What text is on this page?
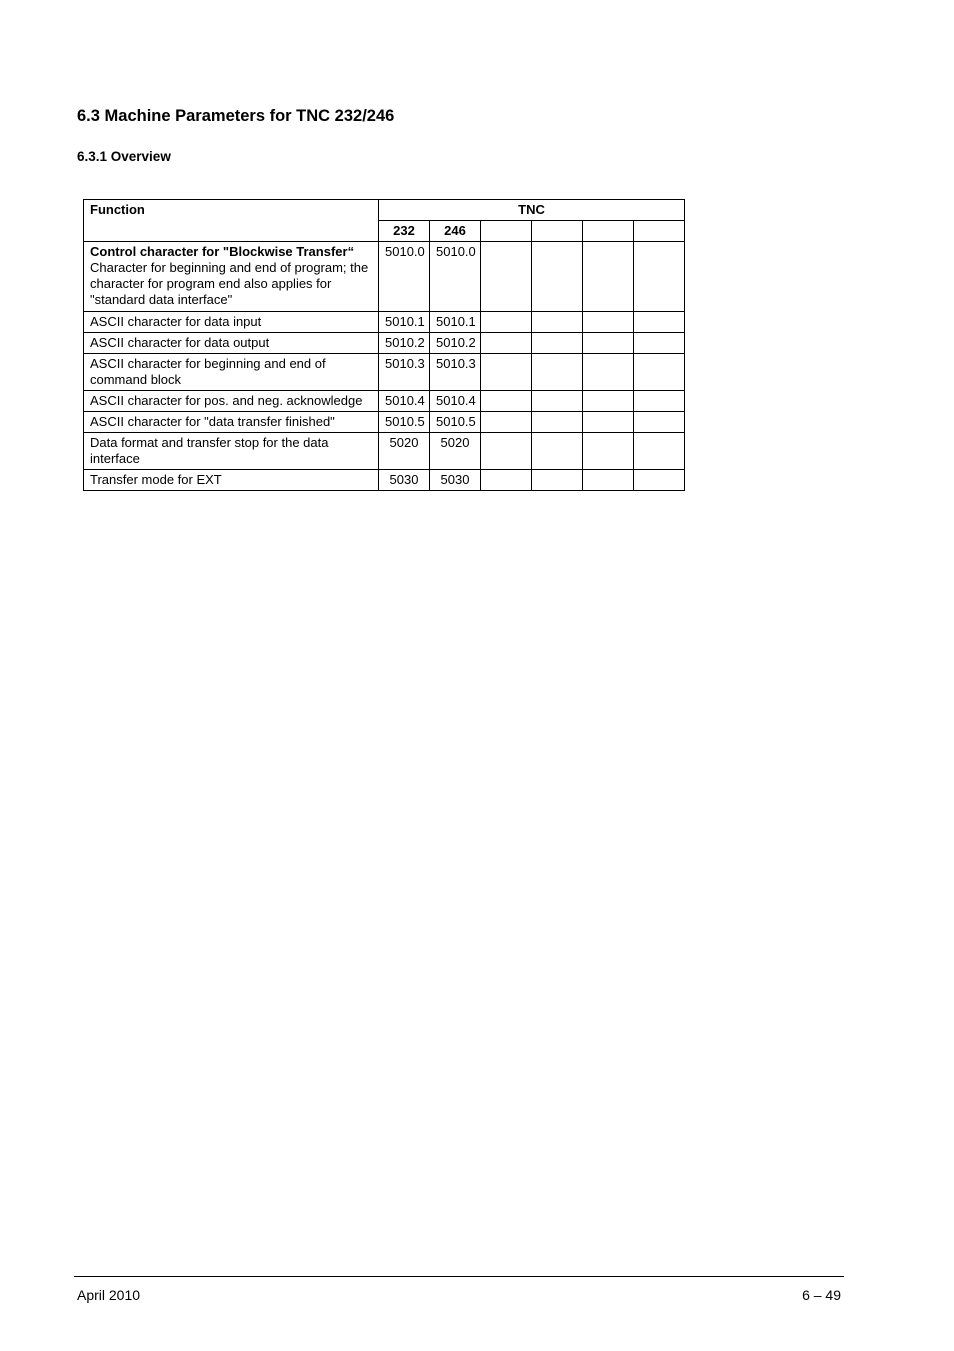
6.3 Machine Parameters for TNC 232/246
6.3.1 Overview
Function	TNC					
	232	246				

Control character for "Blockwise Transfer“
Character for beginning and end of program; the character for program end also applies for "standard data interface"	5010.0	5010.0				
ASCII character for data input	5010.1	5010.1				
ASCII character for data output	5010.2	5010.2				
ASCII character for beginning and end of command block	5010.3	5010.3				
ASCII character for pos. and neg. acknowledge	5010.4	5010.4				
ASCII character for "data transfer finished"	5010.5	5010.5				
Data format and transfer stop for the data interface	5020	5020				
Transfer mode for EXT	5030	5030				
April 2010	6 – 49
